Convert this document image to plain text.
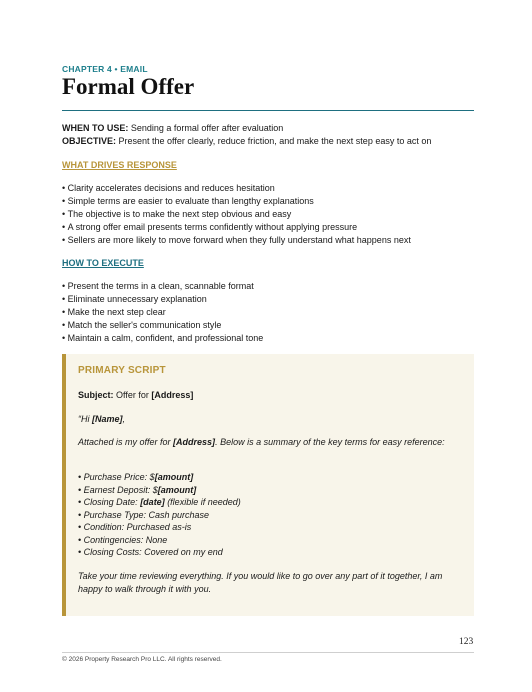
CHAPTER 4 • EMAIL
Formal Offer
WHEN TO USE: Sending a formal offer after evaluation
OBJECTIVE: Present the offer clearly, reduce friction, and make the next step easy to act on
WHAT DRIVES RESPONSE
• Clarity accelerates decisions and reduces hesitation
• Simple terms are easier to evaluate than lengthy explanations
• The objective is to make the next step obvious and easy
• A strong offer email presents terms confidently without applying pressure
• Sellers are more likely to move forward when they fully understand what happens next
HOW TO EXECUTE
• Present the terms in a clean, scannable format
• Eliminate unnecessary explanation
• Make the next step clear
• Match the seller's communication style
• Maintain a calm, confident, and professional tone
PRIMARY SCRIPT
Subject: Offer for [Address]
“Hi [Name],
Attached is my offer for [Address]. Below is a summary of the key terms for easy reference:
• Purchase Price: $[amount]
• Earnest Deposit: $[amount]
• Closing Date: [date] (flexible if needed)
• Purchase Type: Cash purchase
• Condition: Purchased as-is
• Contingencies: None
• Closing Costs: Covered on my end
Take your time reviewing everything. If you would like to go over any part of it together, I am happy to walk through it with you.
123
© 2026 Property Research Pro LLC. All rights reserved.
